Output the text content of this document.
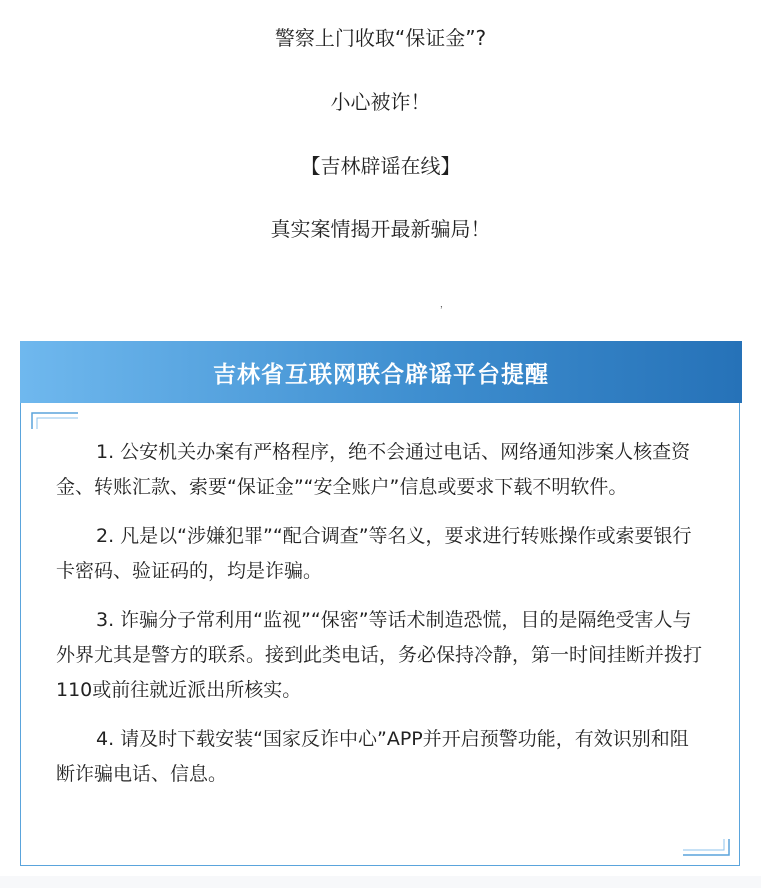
警察上门收取“保证金”?
小心被诈！
【吉林辟谣在线】
真实案情揭开最新骗局！
，
吉林省互联网联合辟谣平台提醒

1. 公安机关办案有严格程序，绝不会通过电话、网络通知涉案人核查资金、转账汇款、索要“保证金”“安全账户”信息或要求下载不明软件。

2. 凡是以“涉嫌犯罪”“配合调查”等名义，要求进行转账操作或索要银行卡密码、验证码的，均是诈骗。

3. 诈骗分子常利用“监视”“保密”等话术制造恐慌，目的是隔绝受害人与外界尤其是警方的联系。接到此类电话，务必保持冷静，第一时间挂断并拨打110或前往就近派出所核实。

4. 请及时下载安装“国家反诈中心”APP并开启预警功能，有效识别和阻断诈骗电话、信息。
